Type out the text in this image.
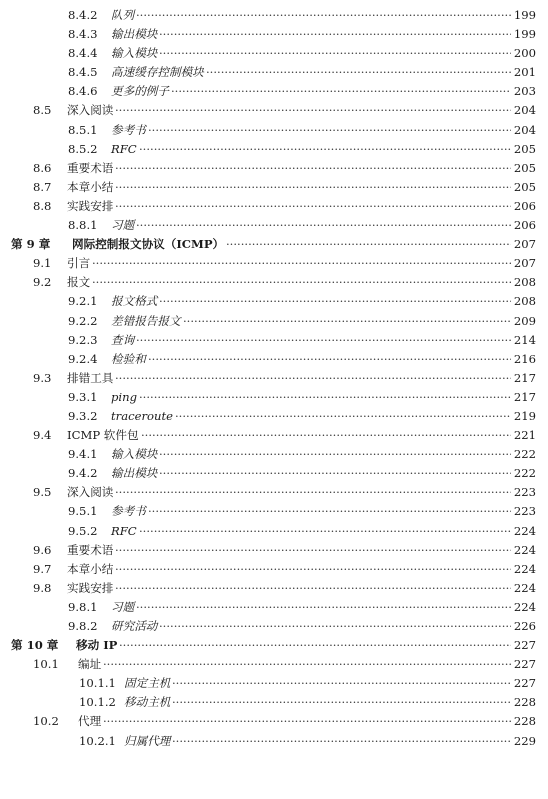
8.4.2 ····· 队列	199
8.4.3 ····· 输出模块	199
8.4.4 ····· 输入模块	200
8.4.5 ····· 高速缓存控制模块	201
8.4.6 ····· 更多的例子	203
8.5 ····· 深入阅读	204
8.5.1 ····· 参考书	204
8.5.2 ····· RFC	205
8.6 ····· 重要术语	205
8.7 ····· 本章小结	205
8.8 ····· 实践安排	206
8.8.1 ····· 习题	206
第 9 章 ····· 网际控制报文协议（ICMP）	207
9.1 ····· 引言	207
9.2 ····· 报文	208
9.2.1 ····· 报文格式	208
9.2.2 ····· 差错报告报文	209
9.2.3 ····· 查询	214
9.2.4 ····· 检验和	216
9.3 ····· 排错工具	217
9.3.1 ····· ping	217
9.3.2 ····· traceroute	219
9.4 ····· ICMP 软件包	221
9.4.1 ····· 输入模块	222
9.4.2 ····· 输出模块	222
9.5 ····· 深入阅读	223
9.5.1 ····· 参考书	223
9.5.2 ····· RFC	224
9.6 ····· 重要术语	224
9.7 ····· 本章小结	224
9.8 ····· 实践安排	224
9.8.1 ····· 习题	224
9.8.2 ····· 研究活动	226
第 10 章 ····· 移动 IP	227
10.1 ····· 编址	227
10.1.1 ····· 固定主机	227
10.1.2 ····· 移动主机	228
10.2 ····· 代理	228
10.2.1 ····· 归属代理	229
